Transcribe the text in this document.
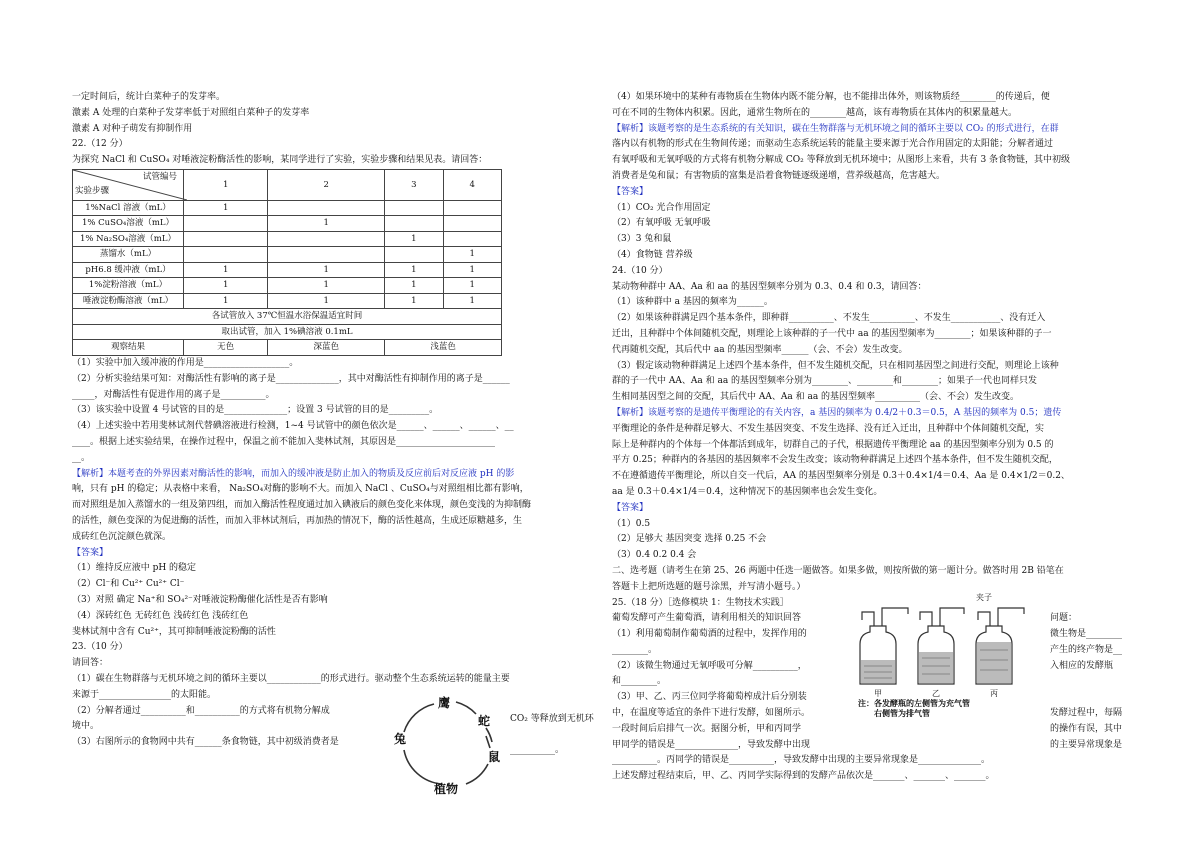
一定时间后，统计白菜种子的发芽率。
激素 A 处理的白菜种子发芽率低于对照组白菜种子的发芽率
激素 A 对种子萌发有抑制作用
22.（12 分）
为探究 NaCl 和 CuSO₄ 对唾液淀粉酶活性的影响，某同学进行了实验，实验步骤和结果见表。请回答：
试管编号
实验步骤	1	2	3	4
1%NaCl 溶液（mL）	1			
1% CuSO₄溶液（mL）		1		
1% Na₂SO₄溶液（mL）			1	
蒸馏水（mL）				1
pH6.8 缓冲液（mL）	1	1	1	1
1%淀粉溶液（mL）	1	1	1	1
唾液淀粉酶溶液（mL）	1	1	1	1
各试管放入 37℃恒温水浴保温适宜时间				
取出试管，加入 1%碘溶液 0.1mL				
观察结果	无色	深蓝色	浅蓝色	
（1）实验中加入缓冲液的作用是___________________。
（2）分析实验结果可知：对酶活性有影响的离子是______________，其中对酶活性有抑制作用的离子是______
_____，对酶活性有促进作用的离子是__________。
（3）该实验中设置 4 号试管的目的是______________；设置 3 号试管的目的是_________。
（4）上述实验中若用斐林试剂代替碘溶液进行检测，1~4 号试管中的颜色依次是______、______、______、__
____。根据上述实验结果，在操作过程中，保温之前不能加入斐林试剂，其原因是______________________
__。
【解析】本题考查的外界因素对酶活性的影响，而加入的缓冲液是防止加入的物质及反应前后对反应液 pH 的影
响，只有 pH 的稳定；从表格中来看， Na₂SO₄对酶的影响不大。而加入 NaCl 、CuSO₄与对照组相比都有影响，
而对照组是加入蒸馏水的一组及第四组，而加入酶活性程度通过加入碘液后的颜色变化来体现，颜色变浅的为抑制酶
的活性，颜色变深的为促进酶的活性，而加入菲林试剂后，再加热的情况下，酶的活性越高，生成还原糖越多，生
成砖红色沉淀颜色就深。
【答案】
（1）维持反应液中 pH 的稳定
（2）Cl⁻和 Cu²⁺ Cu²⁺ Cl⁻
（3）对照 确定 Na⁺和 SO₄²⁻对唾液淀粉酶催化活性是否有影响
（4）深砖红色 无砖红色 浅砖红色 浅砖红色
斐林试剂中含有 Cu²⁺，其可抑制唾液淀粉酶的活性
23.（10 分）
请回答：
（1）碳在生物群落与无机环境之间的循环主要以____________的形式进行。驱动整个生态系统运转的能量主要
来源于________________的太阳能。
（2）分解者通过__________和__________的方式将有机物分解成
境中。
（3）右图所示的食物网中共有______条食物链，其中初级消费者是
CO₂ 等释放到无机环
__________。
鹰
蛇
兔
鼠
植物
（4）如果环境中的某种有毒物质在生物体内既不能分解，也不能排出体外，则该物质经________的传递后，便
可在不同的生物体内积累。因此，通常生物所在的________越高，该有毒物质在其体内的积累量越大。
【解析】该题考察的是生态系统的有关知识，碳在生物群落与无机环境之间的循环主要以 CO₂ 的形式进行，在群
落内以有机物的形式在生物间传递；而驱动生态系统运转的能量主要来源于光合作用固定的太阳能；分解者通过
有氧呼吸和无氧呼吸的方式将有机物分解成 CO₂ 等释放到无机环境中；从图形上来看，共有 3 条食物链，其中初级
消费者是兔和鼠；有害物质的富集是沿着食物链逐级递增，营养级越高，危害越大。
【答案】
（1）CO₂ 光合作用固定
（2）有氧呼吸 无氧呼吸
（3）3 兔和鼠
（4）食物链 营养级
24.（10 分）
某动物种群中 AA、Aa 和 aa 的基因型频率分别为 0.3、0.4 和 0.3，请回答：
（1）该种群中 a 基因的频率为______。
（2）如果该种群满足四个基本条件，即种群__________、不发生__________、不发生___________、没有迁入
迁出，且种群中个体间随机交配，则理论上该种群的子一代中 aa 的基因型频率为________；如果该种群的子一
代再随机交配，其后代中 aa 的基因型频率______（会、不会）发生改变。
（3）假定该动物种群满足上述四个基本条件，但不发生随机交配，只在相同基因型之间进行交配，则理论上该种
群的子一代中 AA、Aa 和 aa 的基因型频率分别为________、________和________；如果子一代也同样只发
生相同基因型之间的交配，其后代中 AA、Aa 和 aa 的基因型频率__________（会、不会）发生改变。
【解析】该题考察的是遗传平衡理论的有关内容，a 基因的频率为 0.4/2＋0.3＝0.5，A 基因的频率为 0.5；遗传
平衡理论的条件是种群足够大、不发生基因突变、不发生选择、没有迁入迁出，且种群中个体间随机交配，实
际上是种群内的个体每一个体都活到成年，切群自己的子代，根据遗传平衡理论 aa 的基因型频率分别为 0.5 的
平方 0.25；种群内的各基因的基因频率不会发生改变；该动物种群满足上述四个基本条件，但不发生随机交配，
不在遵循遗传平衡理论，所以自交一代后，AA 的基因型频率分别是 0.3＋0.4×1/4＝0.4、Aa 是 0.4×1/2＝0.2、
aa 是 0.3＋0.4×1/4＝0.4，这种情况下的基因频率也会发生变化。
【答案】
（1）0.5
（2）足够大 基因突变 选择 0.25 不会
（3）0.4 0.2 0.4 会
二、选考题（请考生在第 25、26 两题中任选一题做答。如果多做，则按所做的第一题计分。做答时用 2B 铅笔在
答题卡上把所选题的题号涂黑，并写清小题号。）
25.（18 分）［选修模块 1：生物技术实践］
葡萄发酵可产生葡萄酒，请利用相关的知识回答
（1）利用葡萄制作葡萄酒的过程中，发挥作用的
________。
（2）该微生物通过无氧呼吸可分解__________，
和________。
（3）甲、乙、丙三位同学将葡萄榨成汁后分别装
问题：
微生物是________
产生的终产物是__
入相应的发酵瓶
中，在温度等适宜的条件下进行发酵，如图所示。
一段时间后启排气一次。据图分析，甲和丙同学
甲同学的错误是______________，导致发酵中出现
发酵过程中，每隔
的操作有误，其中
的主要异常现象是
__________。丙同学的错误是__________，导致发酵中出现的主要异常现象是______________。
上述发酵过程结束后，甲、乙、丙同学实际得到的发酵产品依次是_______、_______、_______。
夹子
甲	乙	丙
注：各发酵瓶的左侧管为充气管
右侧管为排气管
